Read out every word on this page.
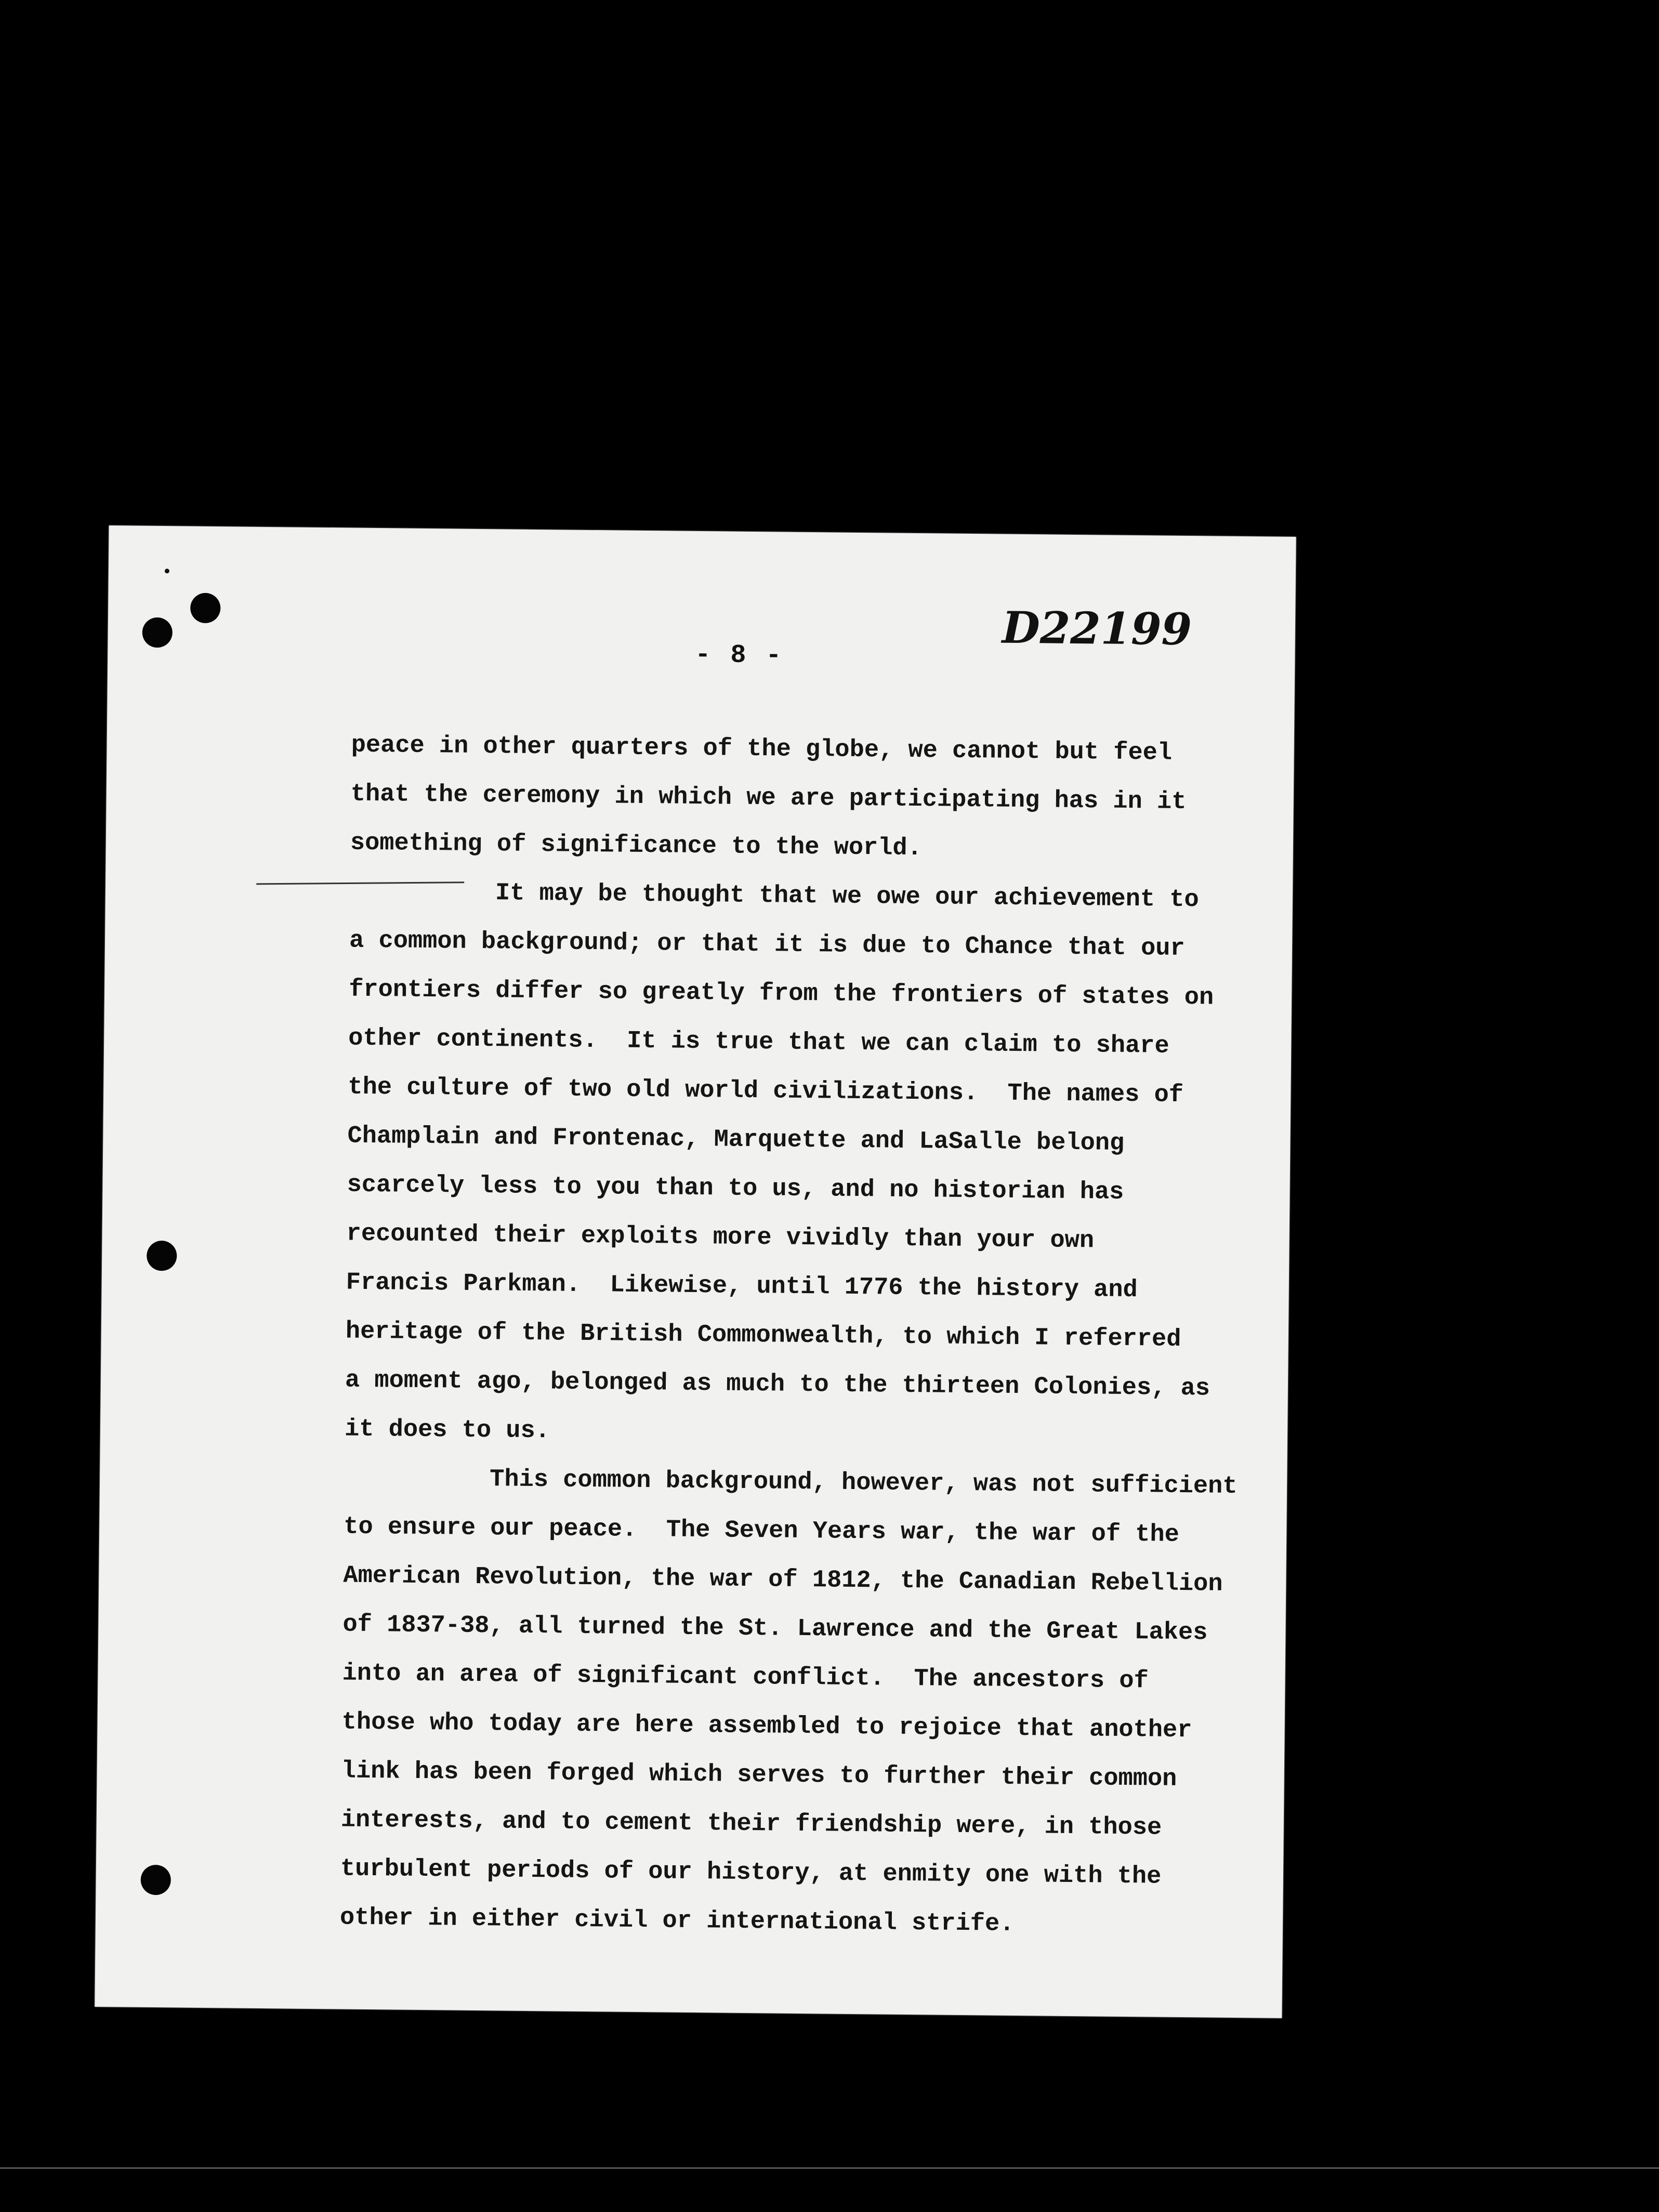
- 8 -
D22199
peace in other quarters of the globe, we cannot but feel
that the ceremony in which we are participating has in it
something of significance to the world.
It may be thought that we owe our achievement to
a common background; or that it is due to Chance that our
frontiers differ so greatly from the frontiers of states on
other continents.  It is true that we can claim to share
the culture of two old world civilizations.  The names of
Champlain and Frontenac, Marquette and LaSalle belong
scarcely less to you than to us, and no historian has
recounted their exploits more vividly than your own
Francis Parkman.  Likewise, until 1776 the history and
heritage of the British Commonwealth, to which I referred
a moment ago, belonged as much to the thirteen Colonies, as
it does to us.
This common background, however, was not sufficient
to ensure our peace.  The Seven Years war, the war of the
American Revolution, the war of 1812, the Canadian Rebellion
of 1837-38, all turned the St. Lawrence and the Great Lakes
into an area of significant conflict.  The ancestors of
those who today are here assembled to rejoice that another
link has been forged which serves to further their common
interests, and to cement their friendship were, in those
turbulent periods of our history, at enmity one with the
other in either civil or international strife.
